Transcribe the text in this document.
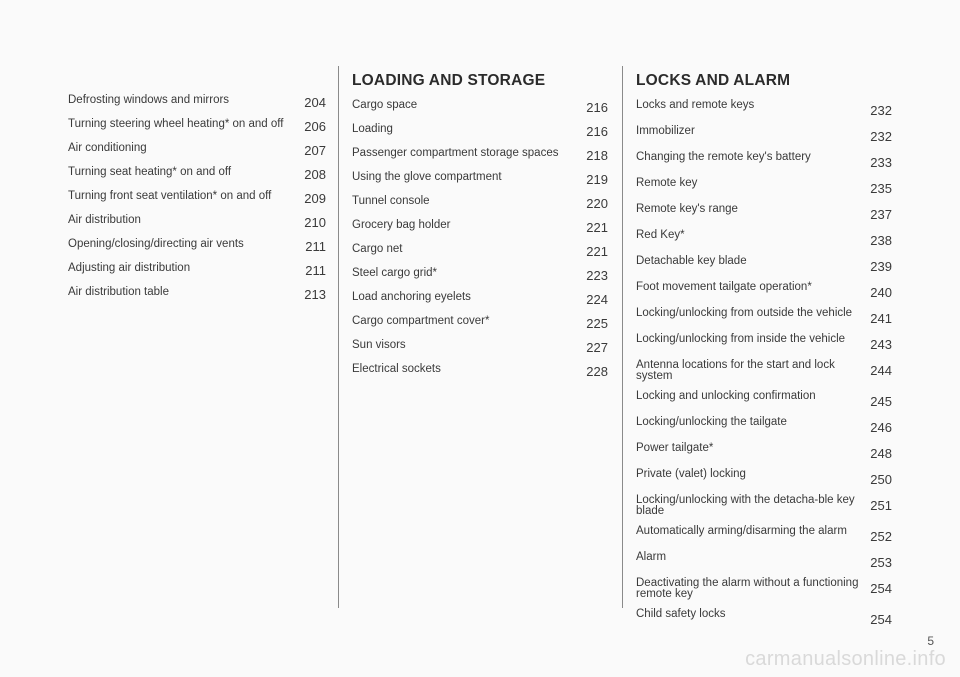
Defrosting windows and mirrors	204
Turning steering wheel heating* on and off	206
Air conditioning	207
Turning seat heating* on and off	208
Turning front seat ventilation* on and off	209
Air distribution	210
Opening/closing/directing air vents	211
Adjusting air distribution	211
Air distribution table	213
LOADING AND STORAGE
Cargo space	216
Loading	216
Passenger compartment storage spaces	218
Using the glove compartment	219
Tunnel console	220
Grocery bag holder	221
Cargo net	221
Steel cargo grid*	223
Load anchoring eyelets	224
Cargo compartment cover*	225
Sun visors	227
Electrical sockets	228
LOCKS AND ALARM
Locks and remote keys	232
Immobilizer	232
Changing the remote key's battery	233
Remote key	235
Remote key's range	237
Red Key*	238
Detachable key blade	239
Foot movement tailgate operation*	240
Locking/unlocking from outside the vehicle	241
Locking/unlocking from inside the vehicle	243
Antenna locations for the start and lock system	244
Locking and unlocking confirmation	245
Locking/unlocking the tailgate	246
Power tailgate*	248
Private (valet) locking	250
Locking/unlocking with the detacha-ble key blade	251
Automatically arming/disarming the alarm	252
Alarm	253
Deactivating the alarm without a functioning remote key	254
Child safety locks	254
5
carmanualsonline.info
